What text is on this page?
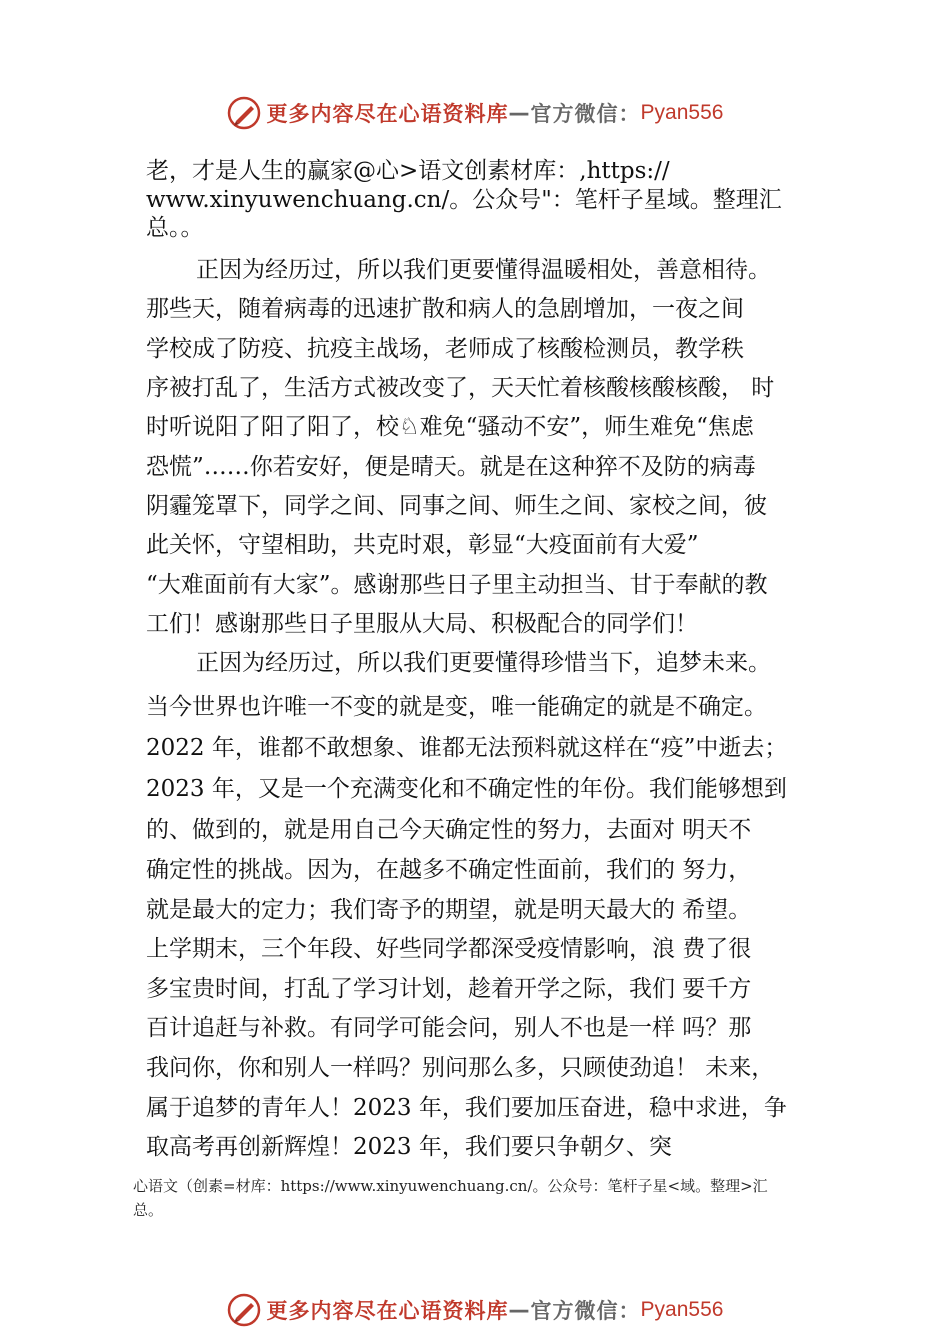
更多内容尽在心语资料库 — 官方微信： Pyan556
老，才是人生的赢家@心>语文创素材库：,https://
www.xinyuwenchuang.cn/。公众号"：笔杆子星域。整理汇
总。。
正因为经历过，所以我们更要懂得温暖相处，善意相待。
那些天，随着病毒的迅速扩散和病人的急剧增加，一夜之间
学校成了防疫、抗疫主战场，老师成了核酸检测员，教学秩
序被打乱了，生活方式被改变了，天天忙着核酸核酸核酸， 时
时听说阳了阳了阳了，校♘难免“骚动不安”，师生难免“焦虑
恐慌”……你若安好，便是晴天。就是在这种猝不及防的病毒
阴霾笼罩下，同学之间、同事之间、师生之间、家校之间，彼
此关怀，守望相助，共克时艰，彰显“大疫面前有大爱”
“大难面前有大家”。感谢那些日子里主动担当、甘于奉献的教
工们！感谢那些日子里服从大局、积极配合的同学们！
正因为经历过，所以我们更要懂得珍惜当下，追梦未来。
当今世界也许唯一不变的就是变，唯一能确定的就是不确定。
2022 年，谁都不敢想象、谁都无法预料就这样在“疫”中逝去；
2023 年，又是一个充满变化和不确定性的年份。我们能够想到
的、做到的，就是用自己今天确定性的努力，去面对 明天不
确定性的挑战。因为，在越多不确定性面前，我们的 努力，
就是最大的定力；我们寄予的期望，就是明天最大的 希望。
上学期末，三个年段、好些同学都深受疫情影响，浪 费了很
多宝贵时间，打乱了学习计划，趁着开学之际，我们 要千方
百计追赶与补救。有同学可能会问，别人不也是一样 吗？那
我问你，你和别人一样吗？别问那么多，只顾使劲追！ 未来，
属于追梦的青年人！2023 年，我们要加压奋进，稳中求进，争
取高考再创新辉煌！2023 年，我们要只争朝夕、突
心语文（创素=材库：https://www.xinyuwenchuang.cn/。公众号：笔杆子星<域。整理>汇
总。
更多内容尽在心语资料库 — 官方微信： Pyan556
